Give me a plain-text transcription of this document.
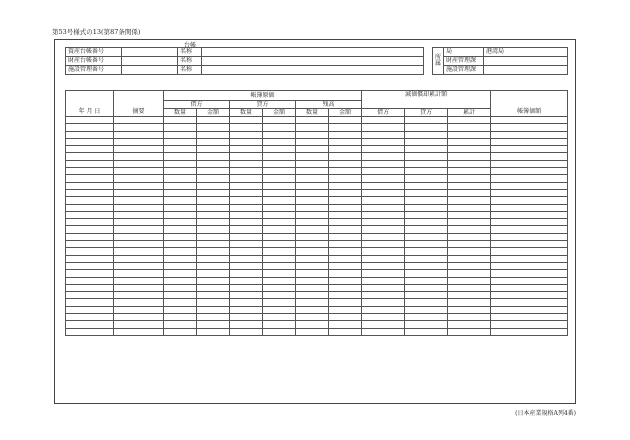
第53号様式の13(第87条関係)
台帳
資産台帳番号		名称	
財産台帳番号		名称	
施設管理番号		名称	
所属	局	港湾局
	財産管理課	
	施設管理課	
年 月 日	摘要	帳簿原価						減価償却累計額			帳簿価額
		借方		貸方		残高					
		数量	金額	数量	金額	数量	金額	借方	貸方	累計	

(日本産業規格A列4番)
